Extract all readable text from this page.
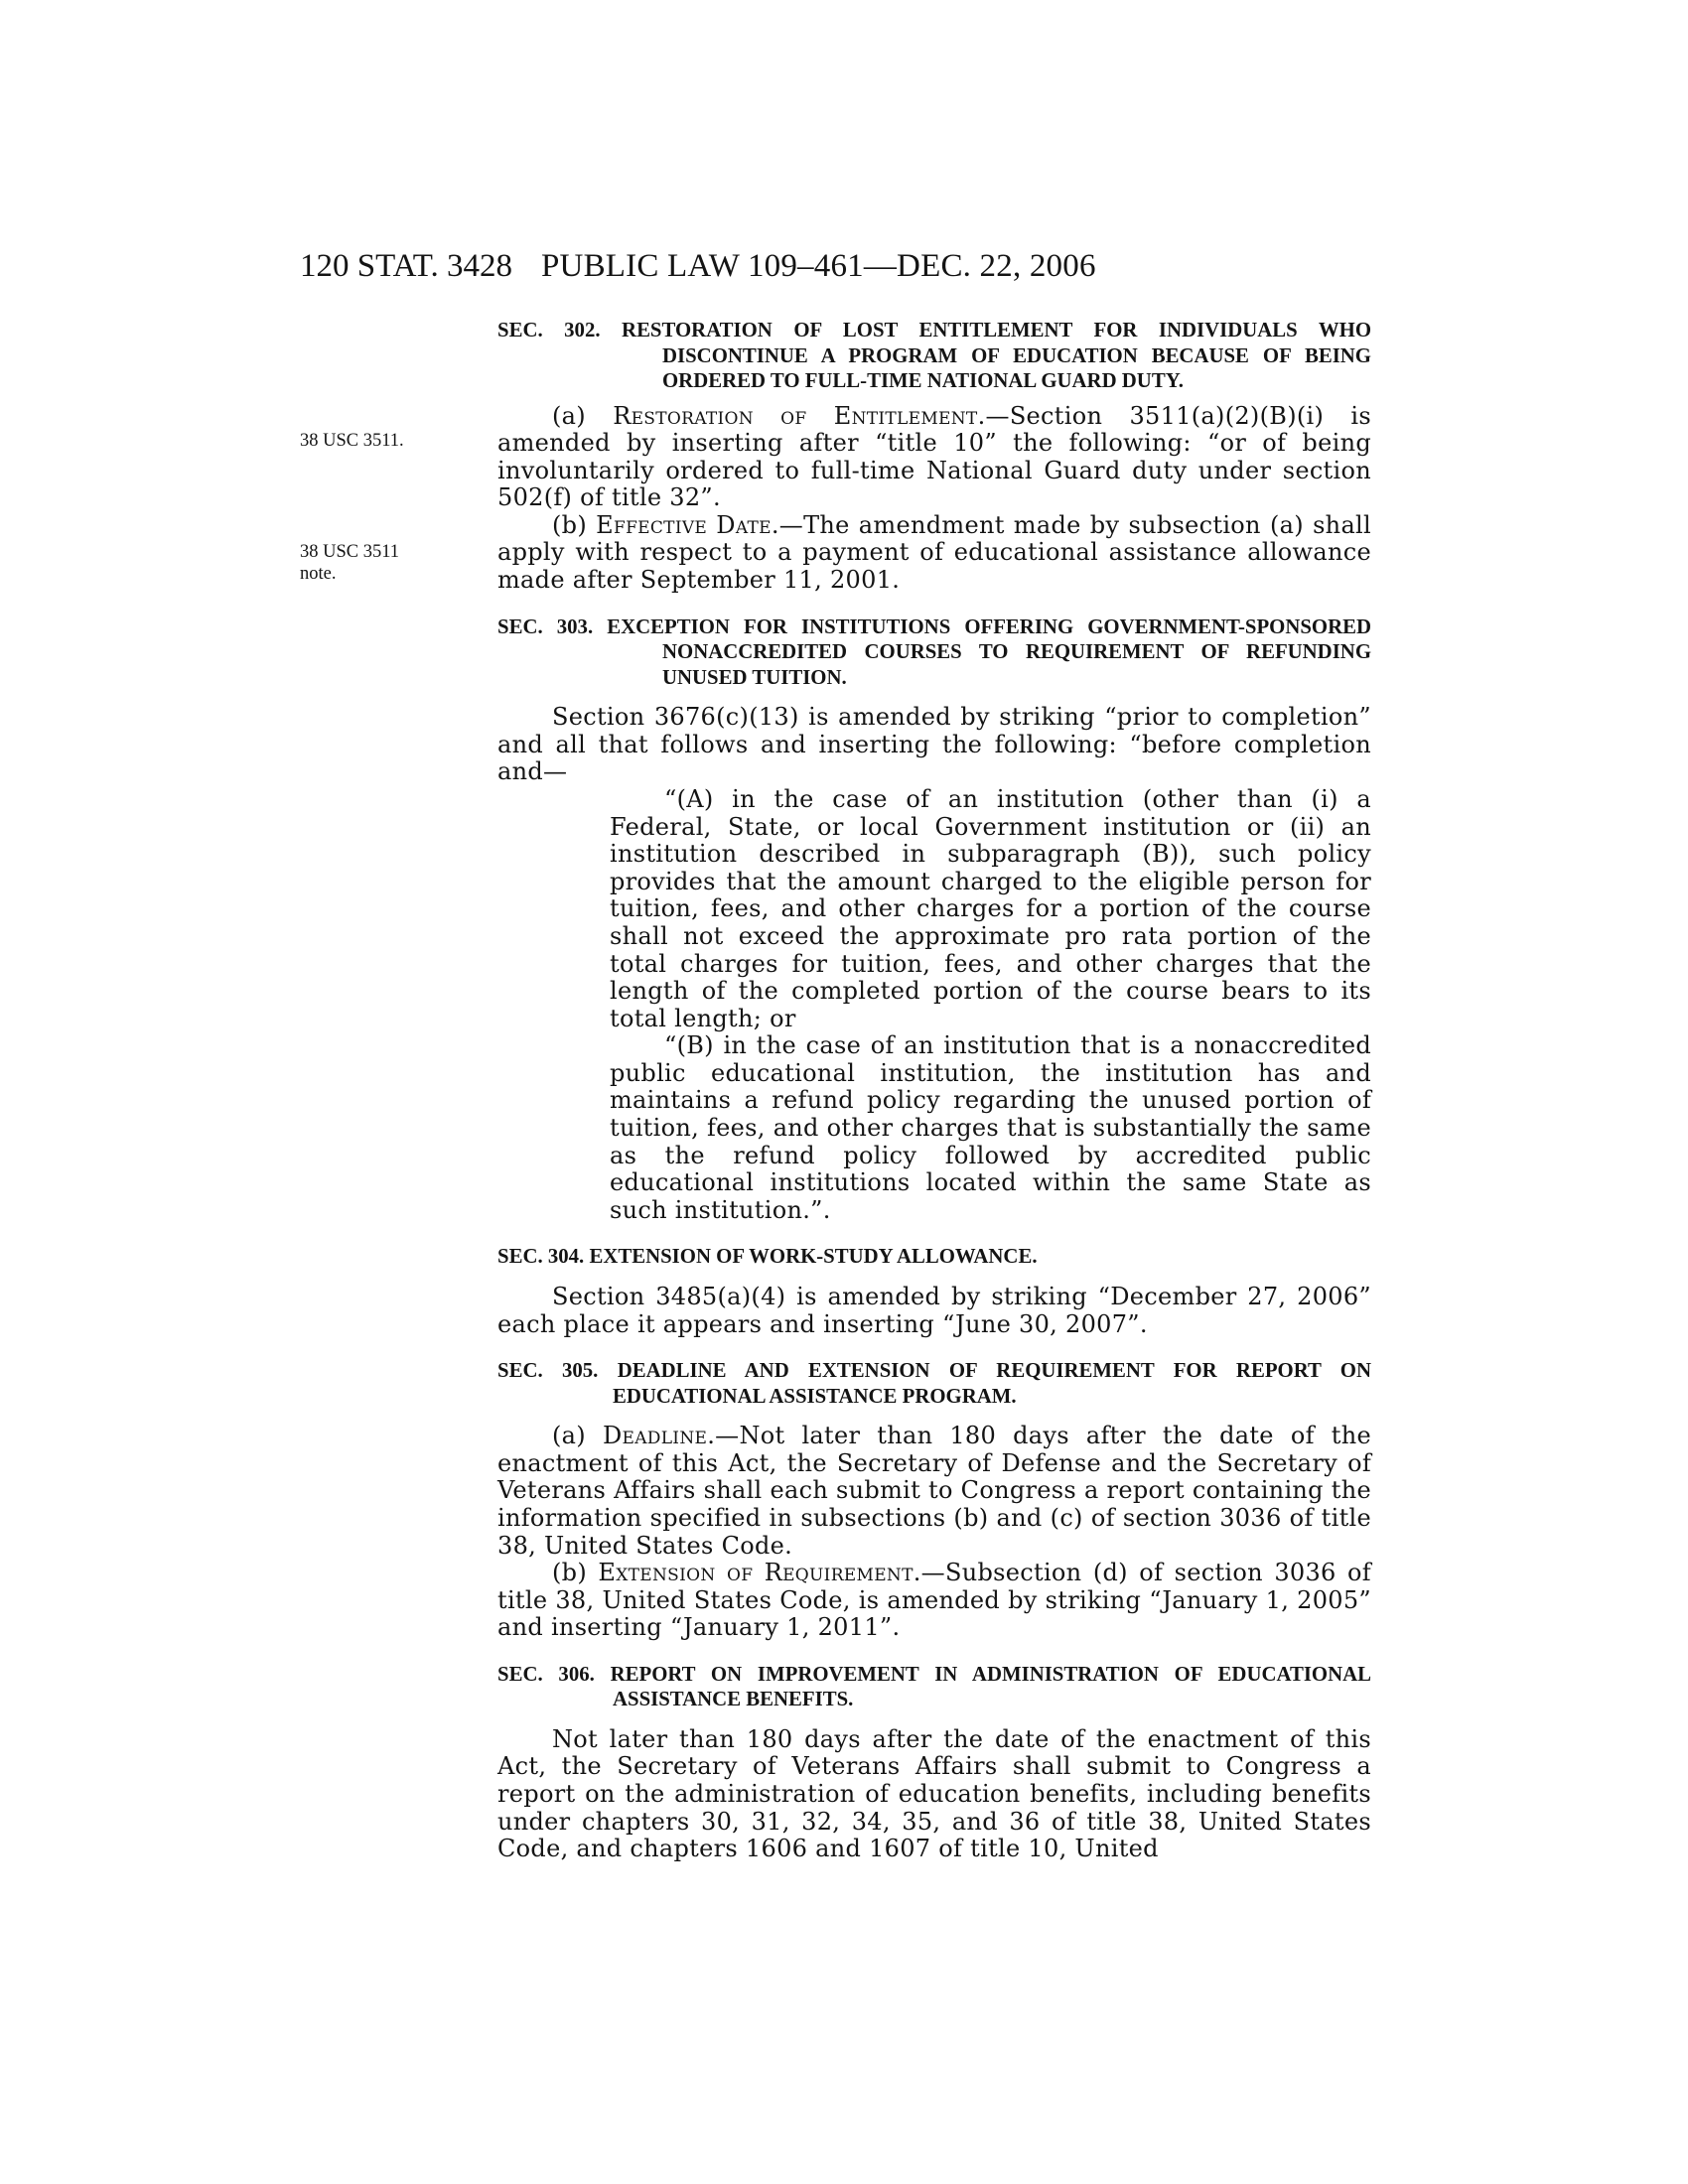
120 STAT. 3428 PUBLIC LAW 109–461—DEC. 22, 2006
38 USC 3511.
38 USC 3511
note.
SEC. 302. RESTORATION OF LOST ENTITLEMENT FOR INDIVIDUALS WHO DISCONTINUE A PROGRAM OF EDUCATION BECAUSE OF BEING ORDERED TO FULL-TIME NATIONAL GUARD DUTY.

(a) Restoration of Entitlement.—Section 3511(a)(2)(B)(i) is amended by inserting after “title 10” the following: “or of being involuntarily ordered to full-time National Guard duty under section 502(f) of title 32”.

(b) Effective Date.—The amendment made by subsection (a) shall apply with respect to a payment of educational assistance allowance made after September 11, 2001.

SEC. 303. EXCEPTION FOR INSTITUTIONS OFFERING GOVERNMENT-SPONSORED NONACCREDITED COURSES TO REQUIREMENT OF REFUNDING UNUSED TUITION.

Section 3676(c)(13) is amended by striking “prior to completion” and all that follows and inserting the following: “before completion and—

“(A) in the case of an institution (other than (i) a Federal, State, or local Government institution or (ii) an institution described in subparagraph (B)), such policy provides that the amount charged to the eligible person for tuition, fees, and other charges for a portion of the course shall not exceed the approximate pro rata portion of the total charges for tuition, fees, and other charges that the length of the completed portion of the course bears to its total length; or

“(B) in the case of an institution that is a nonaccredited public educational institution, the institution has and maintains a refund policy regarding the unused portion of tuition, fees, and other charges that is substantially the same as the refund policy followed by accredited public educational institutions located within the same State as such institution.”.

SEC. 304. EXTENSION OF WORK-STUDY ALLOWANCE.

Section 3485(a)(4) is amended by striking “December 27, 2006” each place it appears and inserting “June 30, 2007”.

SEC. 305. DEADLINE AND EXTENSION OF REQUIREMENT FOR REPORT ON EDUCATIONAL ASSISTANCE PROGRAM.

(a) Deadline.—Not later than 180 days after the date of the enactment of this Act, the Secretary of Defense and the Secretary of Veterans Affairs shall each submit to Congress a report containing the information specified in subsections (b) and (c) of section 3036 of title 38, United States Code.

(b) Extension of Requirement.—Subsection (d) of section 3036 of title 38, United States Code, is amended by striking “January 1, 2005” and inserting “January 1, 2011”.

SEC. 306. REPORT ON IMPROVEMENT IN ADMINISTRATION OF EDUCATIONAL ASSISTANCE BENEFITS.

Not later than 180 days after the date of the enactment of this Act, the Secretary of Veterans Affairs shall submit to Congress a report on the administration of education benefits, including benefits under chapters 30, 31, 32, 34, 35, and 36 of title 38, United States Code, and chapters 1606 and 1607 of title 10, United
